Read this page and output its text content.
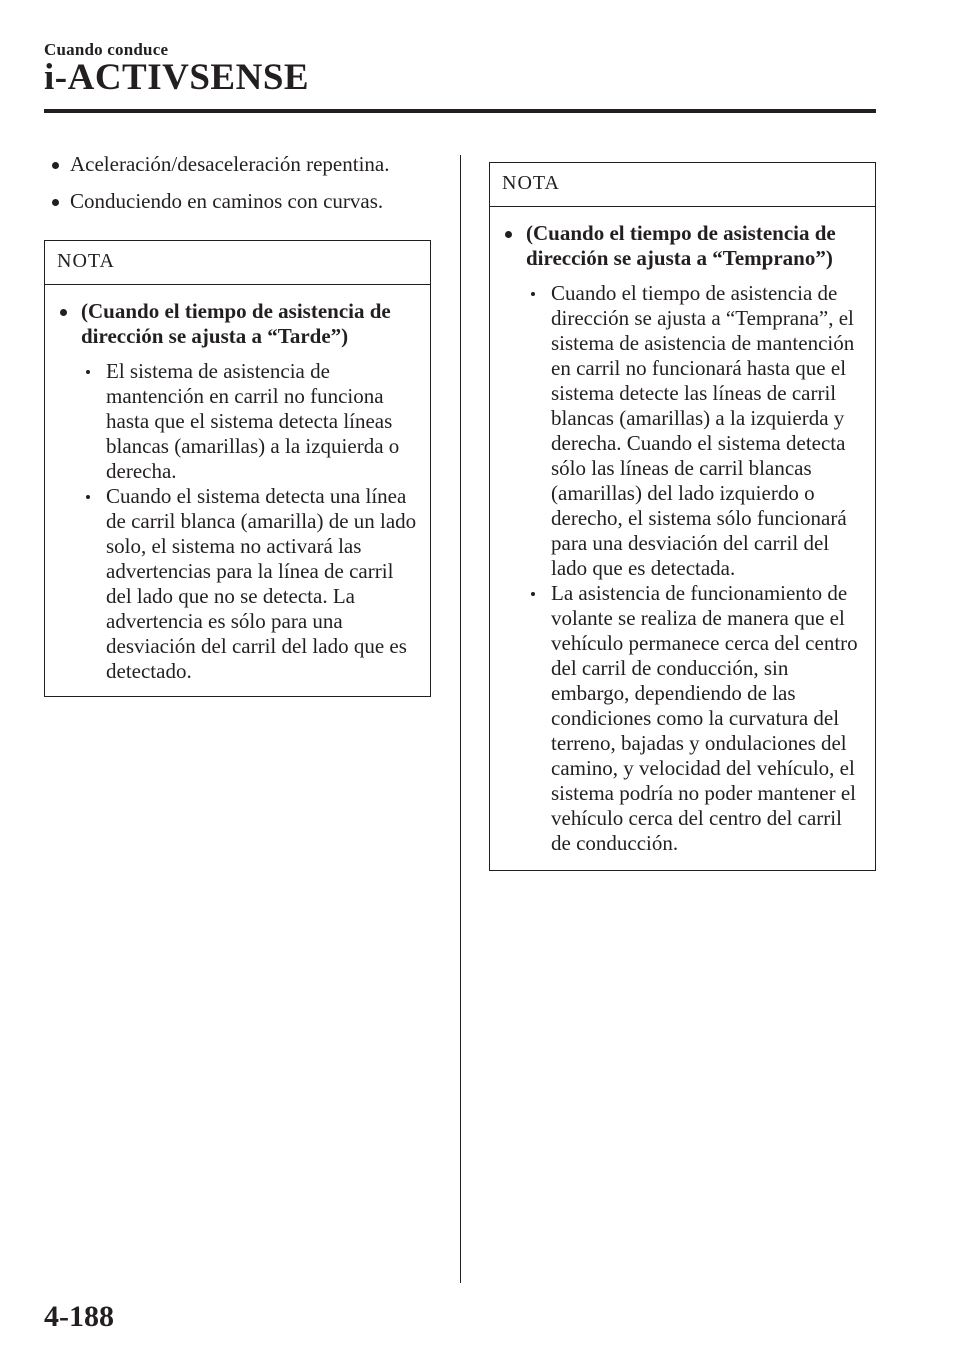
Cuando conduce
i-ACTIVSENSE
Aceleración/desaceleración repentina.
Conduciendo en caminos con curvas.
NOTA
(Cuando el tiempo de asistencia de dirección se ajusta a “Tarde”)
El sistema de asistencia de mantención en carril no funciona hasta que el sistema detecta líneas blancas (amarillas) a la izquierda o derecha.
Cuando el sistema detecta una línea de carril blanca (amarilla) de un lado solo, el sistema no activará las advertencias para la línea de carril del lado que no se detecta. La advertencia es sólo para una desviación del carril del lado que es detectado.
NOTA
(Cuando el tiempo de asistencia de dirección se ajusta a “Temprano”)
Cuando el tiempo de asistencia de dirección se ajusta a “Temprana”, el sistema de asistencia de mantención en carril no funcionará hasta que el sistema detecte las líneas de carril blancas (amarillas) a la izquierda y derecha. Cuando el sistema detecta sólo las líneas de carril blancas (amarillas) del lado izquierdo o derecho, el sistema sólo funcionará para una desviación del carril del lado que es detectada.
La asistencia de funcionamiento de volante se realiza de manera que el vehículo permanece cerca del centro del carril de conducción, sin embargo, dependiendo de las condiciones como la curvatura del terreno, bajadas y ondulaciones del camino, y velocidad del vehículo, el sistema podría no poder mantener el vehículo cerca del centro del carril de conducción.
4-188
